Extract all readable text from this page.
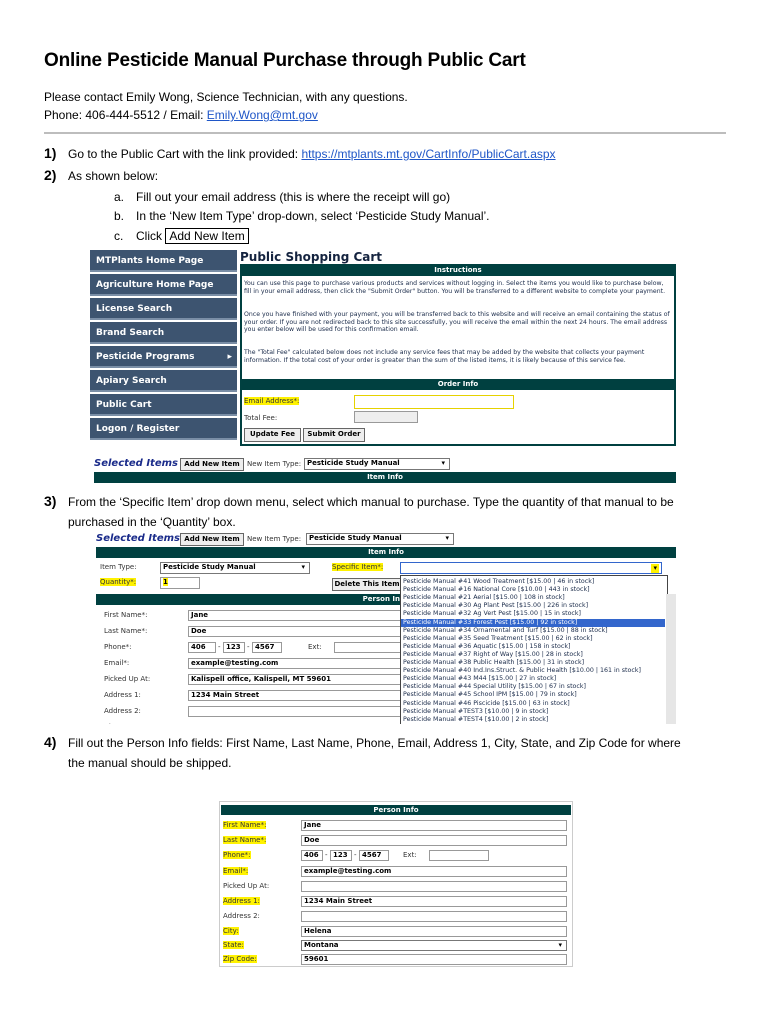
Online Pesticide Manual Purchase through Public Cart
Please contact Emily Wong, Science Technician, with any questions.
Phone: 406-444-5512 / Email: Emily.Wong@mt.gov
1) Go to the Public Cart with the link provided: https://mtplants.mt.gov/CartInfo/PublicCart.aspx
2) As shown below:
a. Fill out your email address (this is where the receipt will go)
b. In the ‘New Item Type’ drop-down, select ‘Pesticide Study Manual’.
c. Click Add New Item
MTPlants Home Page
Agriculture Home Page
License Search
Brand Search
Pesticide Programs	▸
Apiary Search
Public Cart
Logon / Register
Public Shopping Cart
Instructions
You can use this page to purchase various products and services without logging in. Select the items you would like to purchase below, fill in your email address, then click the "Submit Order" button. You will be transferred to a different website to complete your payment.
Once you have finished with your payment, you will be transferred back to this website and will receive an email containing the status of your order. If you are not redirected back to this site successfully, you will receive the email within the next 24 hours. The email address you enter below will be used for this confirmation email.
The "Total Fee" calculated below does not include any service fees that may be added by the website that collects your payment information. If the total cost of your order is greater than the sum of the listed items, it is likely because of this service fee.
Order Info
Email Address*:
Total Fee:
Update Fee	Submit Order
Selected Items Add New Item	New Item Type: Pesticide Study Manual	▾
Item Info
3) From the ‘Specific Item’ drop down menu, select which manual to purchase. Type the quantity of that manual to be
purchased in the ‘Quantity’ box.
Selected Items Add New Item	New Item Type:	Pesticide Study Manual	▾
Item Info
Item Type:	Pesticide Study Manual	▾	Specific Item*:	▾
Quantity*:	1	Delete This Item
Person In
First Name*:	Jane
Last Name*:	Doe
Phone*:	406	- 123 - 4567	Ext:
Email*:	example@testing.com
Picked Up At:	Kalispell office, Kalispell, MT 59601
Address 1:	1234 Main Street
Address 2:
Pesticide Manual #41 Wood Treatment [$15.00 | 46 in stock]
Pesticide Manual #16 National Core [$10.00 | 443 in stock]
Pesticide Manual #21 Aerial [$15.00 | 108 in stock]
Pesticide Manual #30 Ag Plant Pest [$15.00 | 226 in stock]
Pesticide Manual #32 Ag Vert Pest [$15.00 | 15 in stock]
Pesticide Manual #33 Forest Pest [$15.00 | 92 in stock]
Pesticide Manual #34 Ornamental and Turf [$15.00 | 88 in stock]
Pesticide Manual #35 Seed Treatment [$15.00 | 62 in stock]
Pesticide Manual #36 Aquatic [$15.00 | 158 in stock]
Pesticide Manual #37 Right of Way [$15.00 | 28 in stock]
Pesticide Manual #38 Public Health [$15.00 | 31 in stock]
Pesticide Manual #40 Ind.Ins.Struct. & Public Health [$10.00 | 161 in stock]
Pesticide Manual #43 M44 [$15.00 | 27 in stock]
Pesticide Manual #44 Special Utility [$15.00 | 67 in stock]
Pesticide Manual #45 School IPM [$15.00 | 79 in stock]
Pesticide Manual #46 Piscicide [$15.00 | 63 in stock]
Pesticide Manual #TEST3 [$10.00 | 9 in stock]
Pesticide Manual #TEST4 [$10.00 | 2 in stock]
4) Fill out the Person Info fields: First Name, Last Name, Phone, Email, Address 1, City, State, and Zip Code for where
the manual should be shipped.
Person Info
First Name*:	Jane
Last Name*:	Doe
Phone*:	406 - 123 - 4567	Ext:
Email*:	example@testing.com
Picked Up At:
Address 1:	1234 Main Street
Address 2:
City:	Helena
State:	Montana	▾
Zip Code:	59601
